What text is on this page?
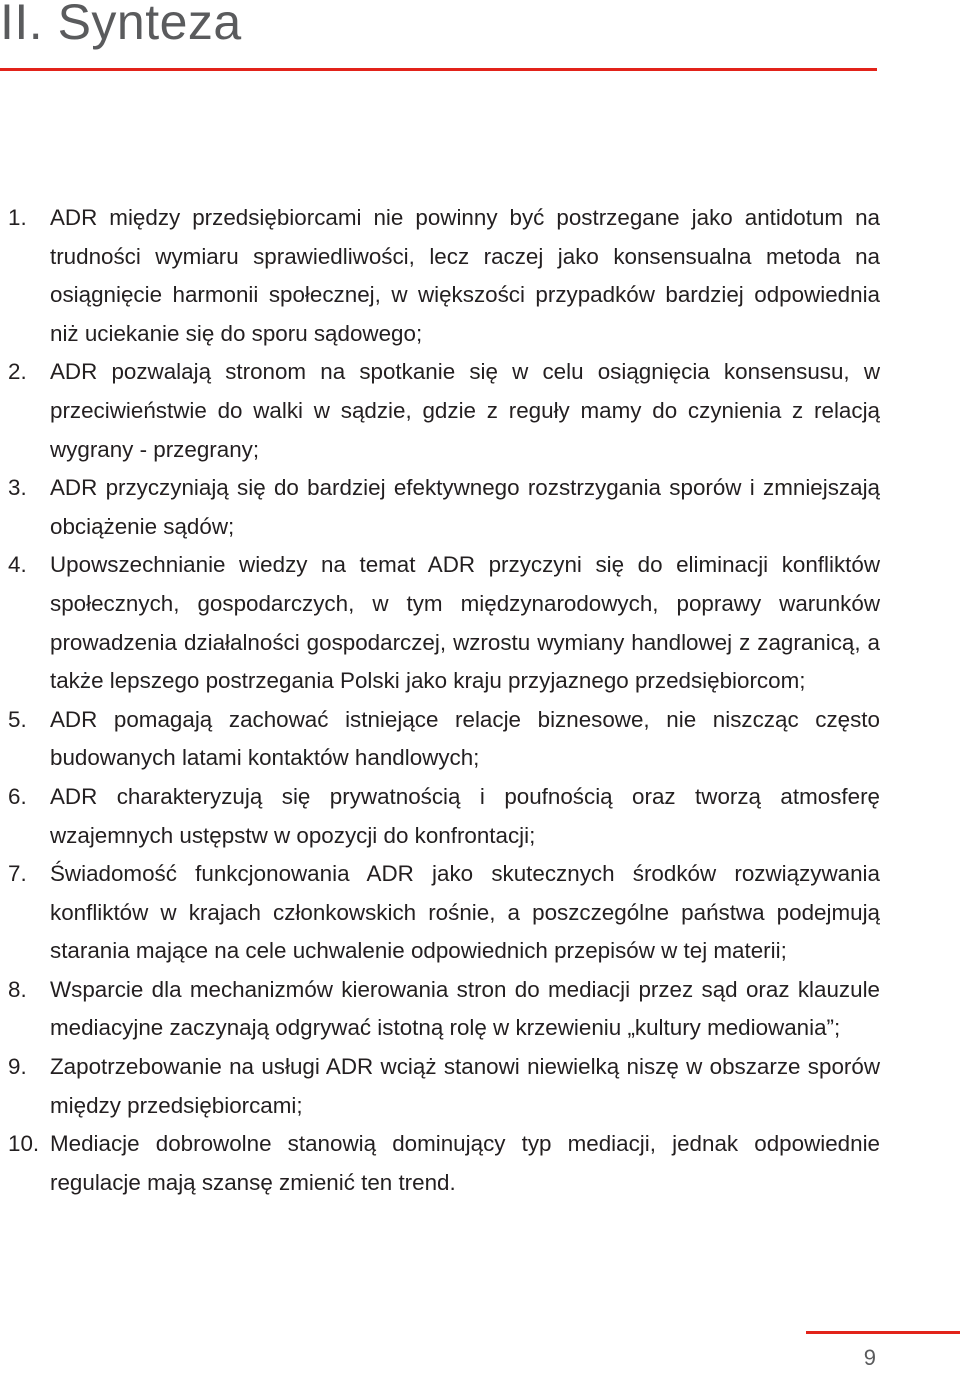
II. Synteza
1.	ADR między przedsiębiorcami nie powinny być postrzegane jako antidotum na trudności wymiaru sprawiedliwości, lecz raczej jako konsensualna metoda na osiągnięcie harmonii społecznej, w większości przypadków bardziej odpowiednia niż uciekanie się do sporu sądowego;
2.	ADR pozwalają stronom na spotkanie się w celu osiągnięcia konsensusu, w przeciwieństwie do walki w sądzie, gdzie z reguły mamy do czynienia z relacją wygrany - przegrany;
3.	ADR przyczyniają się do bardziej efektywnego rozstrzygania sporów i zmniejszają obciążenie sądów;
4.	Upowszechnianie wiedzy na temat ADR przyczyni się do eliminacji konfliktów społecznych, gospodarczych, w tym międzynarodowych, poprawy warunków prowadzenia działalności gospodarczej, wzrostu wymiany handlowej z zagranicą, a także lepszego postrzegania Polski jako kraju przyjaznego przedsiębiorcom;
5.	ADR pomagają zachować istniejące relacje biznesowe, nie niszcząc często budowanych latami kontaktów handlowych;
6.	ADR charakteryzują się prywatnością i poufnością oraz tworzą atmosferę wzajemnych ustępstw w opozycji do konfrontacji;
7.	Świadomość funkcjonowania ADR jako skutecznych środków rozwiązywania konfliktów w krajach członkowskich rośnie, a poszczególne państwa podejmują starania mające na cele uchwalenie odpowiednich przepisów w tej materii;
8.	Wsparcie dla mechanizmów kierowania stron do mediacji przez sąd oraz klauzule mediacyjne zaczynają odgrywać istotną rolę w krzewieniu „kultury mediowania”;
9.	Zapotrzebowanie na usługi ADR wciąż stanowi niewielką niszę w obszarze sporów między przedsiębiorcami;
10. Mediacje dobrowolne stanowią dominujący typ mediacji, jednak odpowiednie regulacje mają szansę zmienić ten trend.
9
